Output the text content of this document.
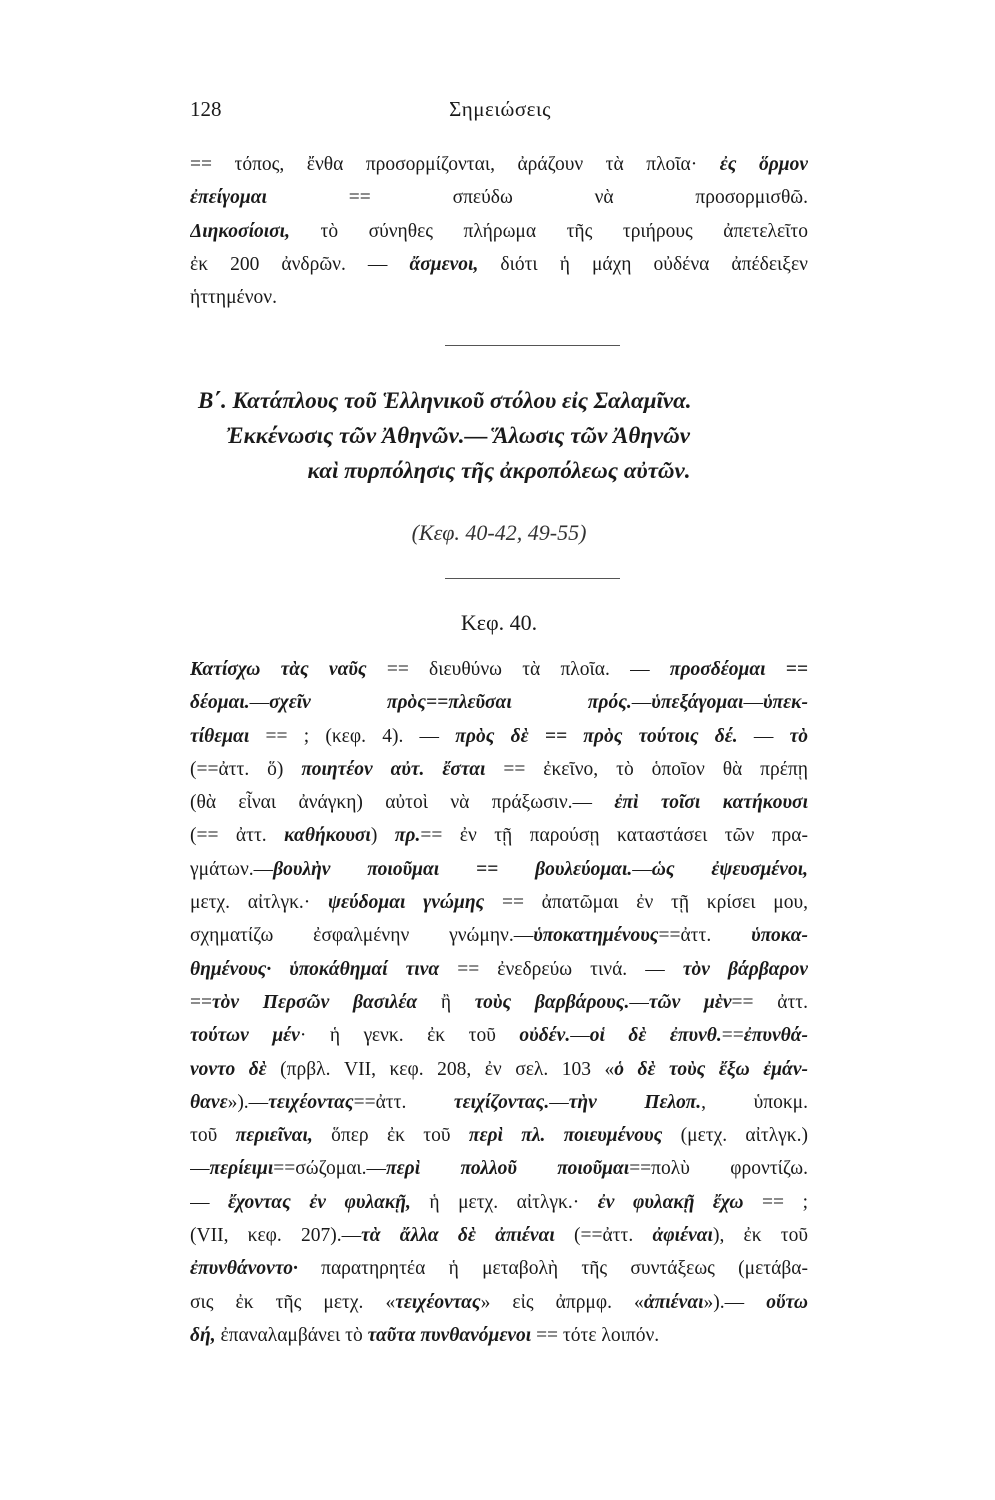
128	Σημειώσεις
== τόπος, ἔνθα προσορμίζονται, ἀράζουν τὰ πλοῖα· ἐς ὅρμον
ἐπείγομαι == σπεύδω νὰ προσορμισθῶ.
Διηκοσίοισι, τὸ σύνηθες πλήρωμα τῆς τριήρους ἀπετελεῖτο
ἐκ 200 ἀνδρῶν. — ἄσμενοι, διότι ἡ μάχη οὐδένα ἀπέδειξεν
ἡττημένον.
Β΄. Κατάπλους τοῦ Ἑλληνικοῦ στόλου εἰς Σαλαμῖνα.
Ἐκκένωσις τῶν Ἀθηνῶν.— Ἅλωσις τῶν Ἀθηνῶν
καὶ πυρπόλησις τῆς ἀκροπόλεως αὐτῶν.
(Κεφ. 40-42, 49-55)
Κεφ. 40.
Κατίσχω τὰς ναῦς == διευθύνω τὰ πλοῖα. — προσδέομαι ==
δέομαι.—σχεῖν πρὸς==πλεῦσαι πρός.—ὑπεξάγομαι—ὑπεκ-
τίθεμαι == ; (κεφ. 4). — πρὸς δὲ == πρὸς τούτοις δέ. — τὸ
(==ἀττ. ὅ) ποιητέον αὐτ. ἔσται == ἐκεῖνο, τὸ ὁποῖον θὰ πρέπῃ
(θὰ εἶναι ἀνάγκη) αὐτοὶ νὰ πράξωσιν.— ἐπὶ τοῖσι κατήκουσι
(== ἀττ. καθήκουσι) πρ.== ἐν τῇ παρούσῃ καταστάσει τῶν πρα-
γμάτων.—βουλὴν ποιοῦμαι == βουλεύομαι.—ὡς ἐψευσμένοι,
μετχ. αἰτλγκ.· ψεύδομαι γνώμης == ἀπατῶμαι ἐν τῇ κρίσει μου,
σχηματίζω ἐσφαλμένην γνώμην.—ὑποκατημένους==ἀττ. ὑποκα-
θημένους· ὑποκάθημαί τινα == ἐνεδρεύω τινά. — τὸν βάρβαρον
==τὸν Περσῶν βασιλέα ἢ τοὺς βαρβάρους.—τῶν μὲν== ἀττ.
τούτων μέν· ἡ γενκ. ἐκ τοῦ οὐδέν.—οἱ δὲ ἐπυνθ.==ἐπυνθά-
νοντο δὲ (πρβλ. VII, κεφ. 208, ἐν σελ. 103 «ὁ δὲ τοὺς ἔξω ἐμάν-
θανε»).—τειχέοντας==ἀττ. τειχίζοντας.—τὴν Πελοπ., ὑποκμ.
τοῦ περιεῖναι, ὅπερ ἐκ τοῦ περὶ πλ. ποιευμένους (μετχ. αἰτλγκ.)
—περίειμι==σώζομαι.—περὶ πολλοῦ ποιοῦμαι==πολὺ φροντίζω.
— ἔχοντας ἐν φυλακῇ, ἡ μετχ. αἰτλγκ.· ἐν φυλακῇ ἔχω == ;
(VII, κεφ. 207).—τὰ ἄλλα δὲ ἀπιέναι (==ἀττ. ἀφιέναι), ἐκ τοῦ
ἐπυνθάνοντο· παρατηρητέα ἡ μεταβολὴ τῆς συντάξεως (μετάβα-
σις ἐκ τῆς μετχ. «τειχέοντας» εἰς ἀπρμφ. «ἀπιέναι»).— οὕτω
δή, ἐπαναλαμβάνει τὸ ταῦτα πυνθανόμενοι == τότε λοιπόν.
